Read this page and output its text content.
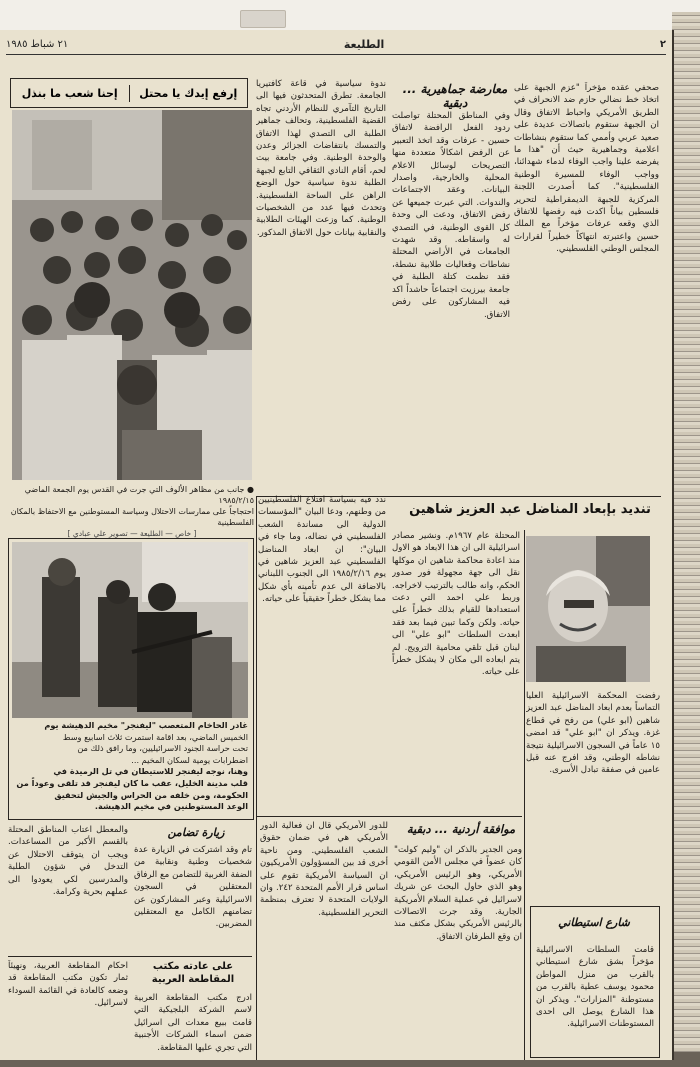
٢١ شباط ١٩٨٥	الطليعة	٢
إرفع إيدك يا محتل
إحنا شعب ما بنذل
● جانب من مظاهر الألوف التي جرت في القدس يوم الجمعة الماضي ١٩٨٥/٢/١٥
احتجاجاً على ممارسات الاحتلال وسياسة المستوطنين مع الاحتفاظ بالمكان الفلسطينية
[ خاص — الطليعة — تصوير علي عبادي ]
معارضة جماهيرية ... دبقية
صحفي عقده مؤخراً "عزم الجبهة على اتخاذ خط نضالي حازم ضد الانحراف في الطريق الأمريكي واحباط الاتفاق وقال ان الجبهة ستقوم باتصالات عديدة على صعيد عربي وأممي كما ستقوم بنشاطات اعلامية وجماهيرية حيث أن "هذا ما يفرضه علينا واجب الوفاء لدماء شهدائنا، وواجب الوفاء للمسيرة الوطنية الفلسطينية". كما أصدرت اللجنة المركزية للجبهة الديمقراطية لتحرير فلسطين بياناً اكدت فيه رفضها للاتفاق الذي وقعه عرفات مؤخراً مع الملك حسين واعتبرته انتهاكاً خطيراً لقرارات المجلس الوطني الفلسطيني.
وفي المناطق المحتلة تواصلت ردود الفعل الرافضة لاتفاق حسين - عرفات وقد اتخذ التعبير عن الرفض اشكالاً متعددة منها التصريحات لوسائل الاعلام المحلية والخارجية، واصدار البيانات. وعقد الاجتماعات والندوات. التي عبرت جميعها عن رفض الاتفاق، ودعت الى وحدة كل القوى الوطنية، في التصدي له واسقاطه. وقد شهدت الجامعات في الأراضي المحتلة نشاطات وفعاليات طلابية نشطة، فقد نظمت كتلة الطلبة في جامعة بيرزيت اجتماعاً حاشداً اكد فيه المشاركون على رفض الاتفاق.
ندوة سياسية في قاعة كافتيريا الجامعة. تطرق المتحدثون فيها الى التاريخ التآمري للنظام الأردني تجاه القضية الفلسطينية، وتحالف جماهير الطلبة الى التصدي لهذا الاتفاق والتمسك بانتفاضات الجزائر وعدن والوحدة الوطنية. وفي جامعة بيت لحم، أقام النادي الثقافي التابع لجبهة الطلبة ندوة سياسية حول الوضع الراهن على الساحة الفلسطينية. وتحدث فيها عدد من الشخصيات الوطنية. كما وزعت الهيئات الطلابية والنقابية بيانات حول الاتفاق المذكور.
تنديد بإبعاد المناضل عبد العزيز شاهين
المحتلة عام ١٩٦٧م. ونشير مصادر اسرائيلية الى ان هذا الابعاد هو الاول منذ اعادة محاكمة شاهين ان موكلها نقل الى جهة مجهولة فور صدور الحكم، وانه طالب بالترتيب لاخراجه. وربط علي احمد التي دعت استعدادها للقيام بذلك خطراً على حياته. ولكن وكما تبين فيما بعد فقد ابعدت السلطات "ابو علي" الى لبنان قبل تلقي محامية الترويج. لم يتم ابعاده الى مكان لا يشكل خطراً على حياته.
ندد فيه بسياسة اقتلاع الفلسطينيين من وطنهم، ودعا البيان "المؤسسات الدولية الى مساندة الشعب الفلسطيني في نضاله، وما جاء في البيان": ان ابعاد المناضل الفلسطيني عبد العزيز شاهين في يوم ١٩٨٥/٢/١٦ الى الجنوب اللبناني بالاضافة الى عدم تأمينه بأي شكل مما يشكل خطراً حقيقياً على حياته.
رفضت المحكمة الاسرائيلية العليا التماساً بعدم ابعاد المناضل عبد العزيز شاهين (ابو علي) من رفح في قطاع غزة. ويذكر ان "ابو علي" قد امضى ١٥ عاماً في السجون الاسرائيلية نتيجة نشاطه الوطني، وقد افرج عنه قبل عامين في صفقة تبادل الأسرى.
غادر الحاخام المتعصب "ليفنجر" مخيم الدهيشة يوم
الخميس الماضي، بعد اقامة استمرت ثلاث اسابيع وسط
تحت حراسة الجنود الاسرائيليين، وما رافق ذلك من
اضطرابات يومية لسكان المخيم ...
وهنا، نوجه ليفنجر للاستيطان في تل الرميدة في
قلب مدينة الخليل، عقب ما كان ليفنجر قد تلقى وعوداً من
الحكومة، ومن خلفه من الحراس والجيش لتحقيق
الوعد المستوطنين في مخيم الدهيشة.
موافقة أردنية ... دبقية
ومن الجدير بالذكر ان "وليم كولت" كان عضواً في مجلس الأمن القومي الأمريكي، وهو الرئيس الأمريكي، وهو الذي حاول البحث عن شريك لاسرائيل في عملية السلام الأمريكية الجارية. وقد جرت الاتصالات بالرئيس الأمريكي بشكل مكثف منذ ان وقع الطرفان الاتفاق.
للدور الأمريكي قال ان فعالية الدور الأمريكي هي في ضمان حقوق الشعب الفلسطيني. ومن ناحية أخرى قد بين المسؤولون الأمريكيون ان السياسة الأمريكية تقوم على اساس قرار الأمم المتحدة ٢٤٢. وان الولايات المتحدة لا تعترف بمنظمة التحرير الفلسطينية.
زيارة تضامن
تام وقد اشتركت في الزيارة عدة شخصيات وطنية ونقابية من الضفة الغربية للتضامن مع الرفاق المعتقلين في السجون الاسرائيلية وعبر المشاركون عن تضامنهم الكامل مع المعتقلين المضربين.
والمعطل اعتاب المناطق المحتلة بالقسم الأكبر من المساعدات. ويجب ان يتوقف الاحتلال عن التدخل في شؤون الطلبة والمدرسين لكي يعودوا الى عملهم بحرية وكرامة.
على عادته مكتب المقاطعة العربية
ادرج مكتب المقاطعة العربية لاسم الشركة البلجيكية التي قامت ببيع معدات الى اسرائيل ضمن اسماء الشركات الأجنبية التي تجري عليها المقاطعة.
احكام المقاطعة العربية، ونهيئاً ثمار تكون مكتب المقاطعة قد وضعه كالعادة في القائمة السوداء لاسرائيل.
شارع استيطاني
قامت السلطات الاسرائيلية مؤخراً بشق شارع استيطاني بالقرب من منزل المواطن محمود يوسف عطية بالقرب من مستوطنة "المزارات". ويذكر ان هذا الشارع يوصل الى احدى المستوطنات الاسرائيلية.
